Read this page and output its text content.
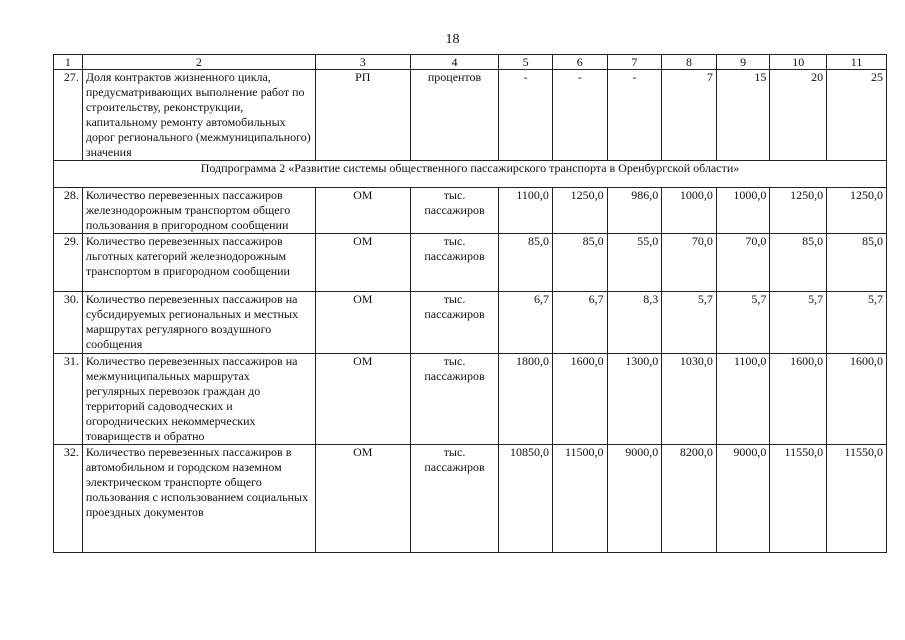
18
1	2	3	4	5	6	7	8	9	10	11
27.	Доля контрактов жизненного цикла, предусматривающих выполнение работ по строительству, реконструкции, капитальному ремонту автомобильных дорог регионального (межмуниципального) значения	РП	процентов	-	-	-	7	15	20	25
Подпрограмма 2 «Развитие системы общественного пассажирского транспорта в Оренбургской области»										
28.	Количество перевезенных пассажиров железнодорожным транспортом общего пользования в пригородном сообщении	ОМ	тыс. пассажиров	1100,0	1250,0	986,0	1000,0	1000,0	1250,0	1250,0
29.	Количество перевезенных пассажиров льготных категорий железнодорожным транспортом в пригородном сообщении	ОМ	тыс. пассажиров	85,0	85,0	55,0	70,0	70,0	85,0	85,0
30.	Количество перевезенных пассажиров на субсидируемых региональных и местных маршрутах регулярного воздушного сообщения	ОМ	тыс. пассажиров	6,7	6,7	8,3	5,7	5,7	5,7	5,7
31.	Количество перевезенных пассажиров на межмуниципальных маршрутах регулярных перевозок граждан до территорий садоводческих и огороднических некоммерческих товариществ и обратно	ОМ	тыс. пассажиров	1800,0	1600,0	1300,0	1030,0	1100,0	1600,0	1600,0
32.	Количество перевезенных пассажиров в автомобильном и городском наземном электрическом транспорте общего пользования с использованием социальных проездных документов	ОМ	тыс. пассажиров	10850,0	11500,0	9000,0	8200,0	9000,0	11550,0	11550,0
